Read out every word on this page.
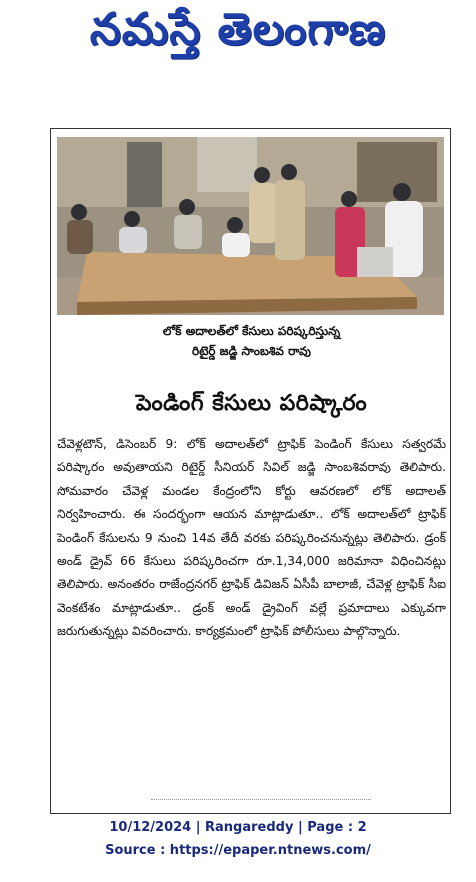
నమస్తే తెలంగాణ
లోక్ అదాలత్‌లో కేసులు పరిష్కరిస్తున్న
రిటైర్డ్ జడ్జి సాంబశివ రావు
పెండింగ్ కేసులు పరిష్కారం

చేవెళ్లటౌన్, డిసెంబర్ 9: లోక్ అదాలత్‌లో ట్రాఫిక్ పెండింగ్ కేసులు సత్వరమే పరిష్కారం అవుతాయని రిటైర్డ్ సీనియర్ సివిల్ జడ్జి సాంబశివరావు తెలిపారు. సోమవారం చేవెళ్ల మండల కేంద్రంలోని కోర్టు ఆవరణలో లోక్ అదాలత్ నిర్వహించారు. ఈ సందర్భంగా ఆయన మాట్లాడుతూ.. లోక్ అదాలత్‌లో ట్రాఫిక్ పెండింగ్ కేసులను 9 నుంచి 14వ తేదీ వరకు పరిష్కరించనున్నట్లు తెలిపారు. డ్రంక్ అండ్ డ్రైవ్ 66 కేసులు పరిష్కరించగా రూ.1,34,000 జరిమానా విధించినట్లు తెలిపారు. అనంతరం రాజేంద్రనగర్ ట్రాఫిక్ డివిజన్ ఏసీపీ బాలాజీ, చేవెళ్ల ట్రాఫిక్ సీఐ వెంకటేశం మాట్లాడుతూ.. డ్రంక్ అండ్ డ్రైవింగ్ వల్లే ప్రమాదాలు ఎక్కువగా జరుగుతున్నట్లు వివరించారు. కార్యక్రమంలో ట్రాఫిక్ పోలీసులు పాల్గొన్నారు.

10/12/2024 | Rangareddy | Page : 2
Source : https://epaper.ntnews.com/
